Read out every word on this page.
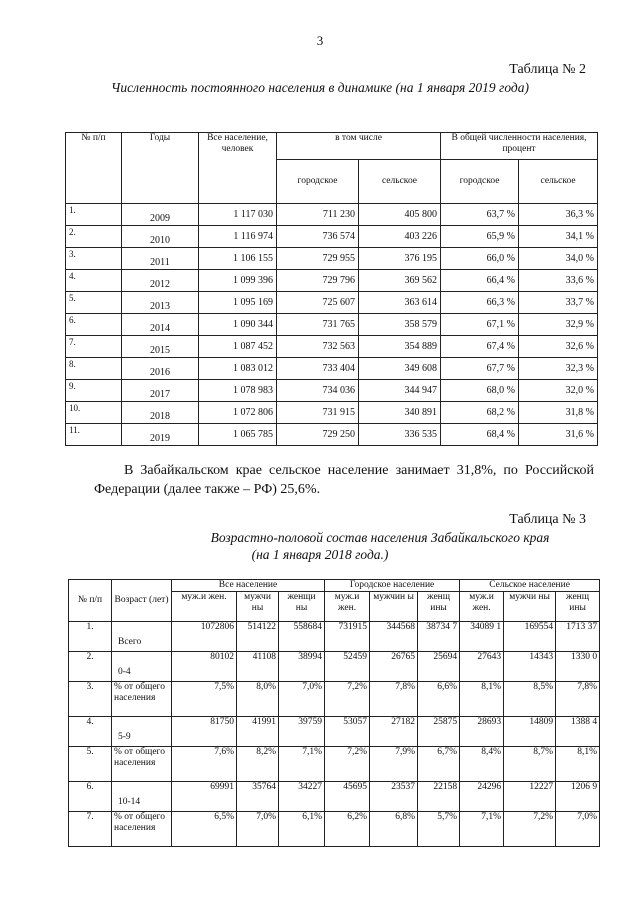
3
Таблица № 2
Численность постоянного населения в динамике (на 1 января 2019 года)
№ п/п	Годы	Все население, человек	в том числе		В общей численности населения, процент	
			городское	сельское	городское	сельское
1.	2009	1 117 030	711 230	405 800	63,7 %	36,3 %
2.	2010	1 116 974	736 574	403 226	65,9 %	34,1 %
3.	2011	1 106 155	729 955	376 195	66,0 %	34,0 %
4.	2012	1 099 396	729 796	369 562	66,4 %	33,6 %
5.	2013	1 095 169	725 607	363 614	66,3 %	33,7 %
6.	2014	1 090 344	731 765	358 579	67,1 %	32,9 %
7.	2015	1 087 452	732 563	354 889	67,4 %	32,6 %
8.	2016	1 083 012	733 404	349 608	67,7 %	32,3 %
9.	2017	1 078 983	734 036	344 947	68,0 %	32,0 %
10.	2018	1 072 806	731 915	340 891	68,2 %	31,8 %
11.	2019	1 065 785	729 250	336 535	68,4 %	31,6 %
В Забайкальском крае сельское население занимает 31,8%, по Российской Федерации (далее также – РФ) 25,6%.
Таблица № 3
Возрастно-половой состав населения Забайкальского края
(на 1 января 2018 года.)
№ п/п	Возраст (лет)	Все население			Городское население			Сельское население		
		муж.и жен.	мужчи ны	женщи ны	муж.и жен.	мужчин ы	женщ ины	муж.и жен.	мужчи ны	женщ ины
1.	Всего	1072806	514122	558684	731915	344568	38734 7	34089 1	169554	1713 37
2.	0-4	80102	41108	38994	52459	26765	25694	27643	14343	1330 0
3.	% от общего населения	7,5%	8,0%	7,0%	7,2%	7,8%	6,6%	8,1%	8,5%	7,8%
4.	5-9	81750	41991	39759	53057	27182	25875	28693	14809	1388 4
5.	% от общего населения	7,6%	8,2%	7,1%	7,2%	7,9%	6,7%	8,4%	8,7%	8,1%
6.	10-14	69991	35764	34227	45695	23537	22158	24296	12227	1206 9
7.	% от общего населения	6,5%	7,0%	6,1%	6,2%	6,8%	5,7%	7,1%	7,2%	7,0%
